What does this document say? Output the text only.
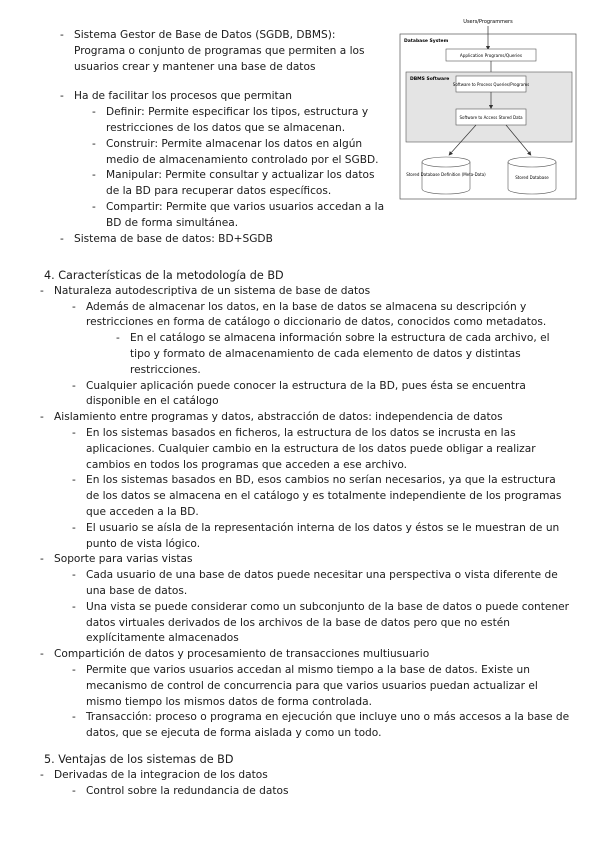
- Sistema Gestor de Base de Datos (SGDB, DBMS):
Programa o conjunto de programas que permiten a los usuarios crear y mantener una base de datos
- Ha de facilitar los procesos que permitan
- Definir: Permite especificar los tipos, estructura y restricciones de los datos que se almacenan.
- Construir: Permite almacenar los datos en algún medio de almacenamiento controlado por el SGBD.
- Manipular: Permite consultar y actualizar los datos de la BD para recuperar datos específicos.
- Compartir: Permite que varios usuarios accedan a la BD de forma simultánea.
- Sistema de base de datos: BD+SGDB
Users/Programmers
Database System
Application Programs/Queries
DBMS Software
Software to Process Queries/Programs
Software to Access Stored Data
Stored Database Definition (Meta-Data)
Stored Database

4. Características de la metodología de BD

- Naturaleza autodescriptiva de un sistema de base de datos
- Además de almacenar los datos, en la base de datos se almacena su descripción y restricciones en forma de catálogo o diccionario de datos, conocidos como metadatos.
- En el catálogo se almacena información sobre la estructura de cada archivo, el tipo y formato de almacenamiento de cada elemento de datos y distintas restricciones.
- Cualquier aplicación puede conocer la estructura de la BD, pues ésta se encuentra disponible en el catálogo
- Aislamiento entre programas y datos, abstracción de datos: independencia de datos
- En los sistemas basados en ficheros, la estructura de los datos se incrusta en las aplicaciones. Cualquier cambio en la estructura de los datos puede obligar a realizar cambios en todos los programas que acceden a ese archivo.
- En los sistemas basados en BD, esos cambios no serían necesarios, ya que la estructura de los datos se almacena en el catálogo y es totalmente independiente de los programas que acceden a la BD.
- El usuario se aísla de la representación interna de los datos y éstos se le muestran de un punto de vista lógico.
- Soporte para varias vistas
- Cada usuario de una base de datos puede necesitar una perspectiva o vista diferente de una base de datos.
- Una vista se puede considerar como un subconjunto de la base de datos o puede contener datos virtuales derivados de los archivos de la base de datos pero que no estén explícitamente almacenados
- Compartición de datos y procesamiento de transacciones multiusuario
- Permite que varios usuarios accedan al mismo tiempo a la base de datos. Existe un mecanismo de control de concurrencia para que varios usuarios puedan actualizar el mismo tiempo los mismos datos de forma controlada.
- Transacción: proceso o programa en ejecución que incluye uno o más accesos a la base de datos, que se ejecuta de forma aislada y como un todo.

5. Ventajas de los sistemas de BD

- Derivadas de la integracion de los datos
- Control sobre la redundancia de datos
